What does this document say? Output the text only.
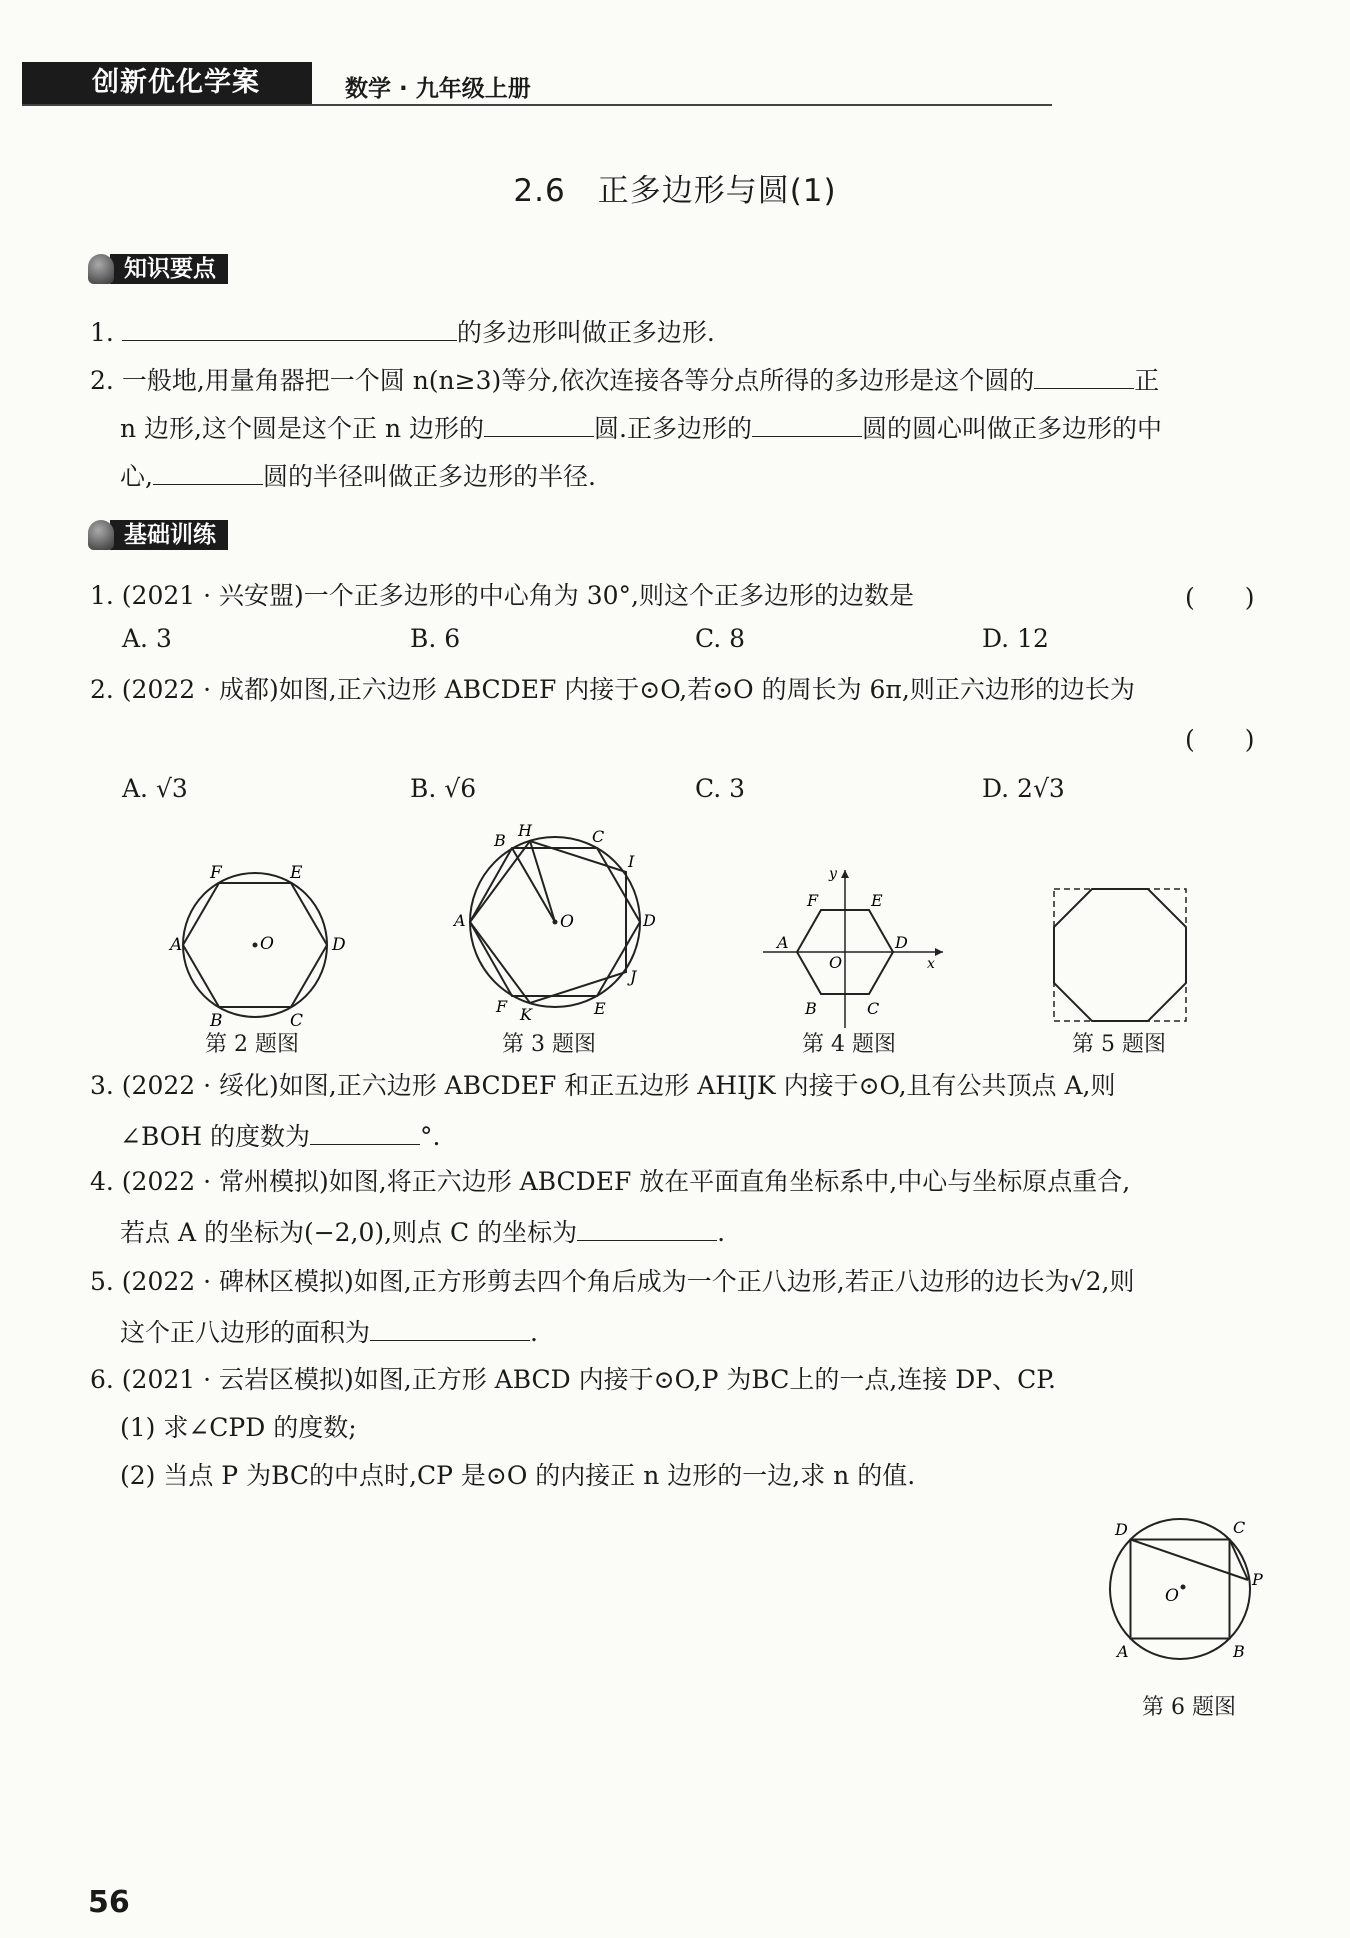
创新优化学案	数学 · 九年级上册
2.6　正多边形与圆(1)
知识要点
1.	的多边形叫做正多边形.
2. 一般地,用量角器把一个圆 n(n≥3)等分,依次连接各等分点所得的多边形是这个圆的	正
n 边形,这个圆是这个正 n 边形的	圆.正多边形的	圆的圆心叫做正多边形的中
心,	圆的半径叫做正多边形的半径.
基础训练
1. (2021 · 兴安盟)一个正多边形的中心角为 30°,则这个正多边形的边数是	(　　)
A. 3	B. 6	C. 8	D. 12
2. (2022 · 成都)如图,正六边形 ABCDEF 内接于⊙O,若⊙O 的周长为 6π,则正六边形的边长为
(　　)
A. √3	B. √6	C. 3	D. 2√3
O
F	E
A	D
B	C
第 2 题图
O
B
H	C
I
A	D
J
E
F K
第 3 题图
F	E
A	D
O	x
y
B	C
第 4 题图	第 5 题图
3. (2022 · 绥化)如图,正六边形 ABCDEF 和正五边形 AHIJK 内接于⊙O,且有公共顶点 A,则
∠BOH 的度数为	°.
4. (2022 · 常州模拟)如图,将正六边形 ABCDEF 放在平面直角坐标系中,中心与坐标原点重合,
若点 A 的坐标为(−2,0),则点 C 的坐标为	.
5. (2022 · 碑林区模拟)如图,正方形剪去四个角后成为一个正八边形,若正八边形的边长为√2,则
这个正八边形的面积为	.
6. (2021 · 云岩区模拟)如图,正方形 ABCD 内接于⊙O,P 为BC上的一点,连接 DP、CP.
(1) 求∠CPD 的度数;
(2) 当点 P 为BC的中点时,CP 是⊙O 的内接正 n 边形的一边,求 n 的值.
O
D	C
P
A	B
第 6 题图
56
